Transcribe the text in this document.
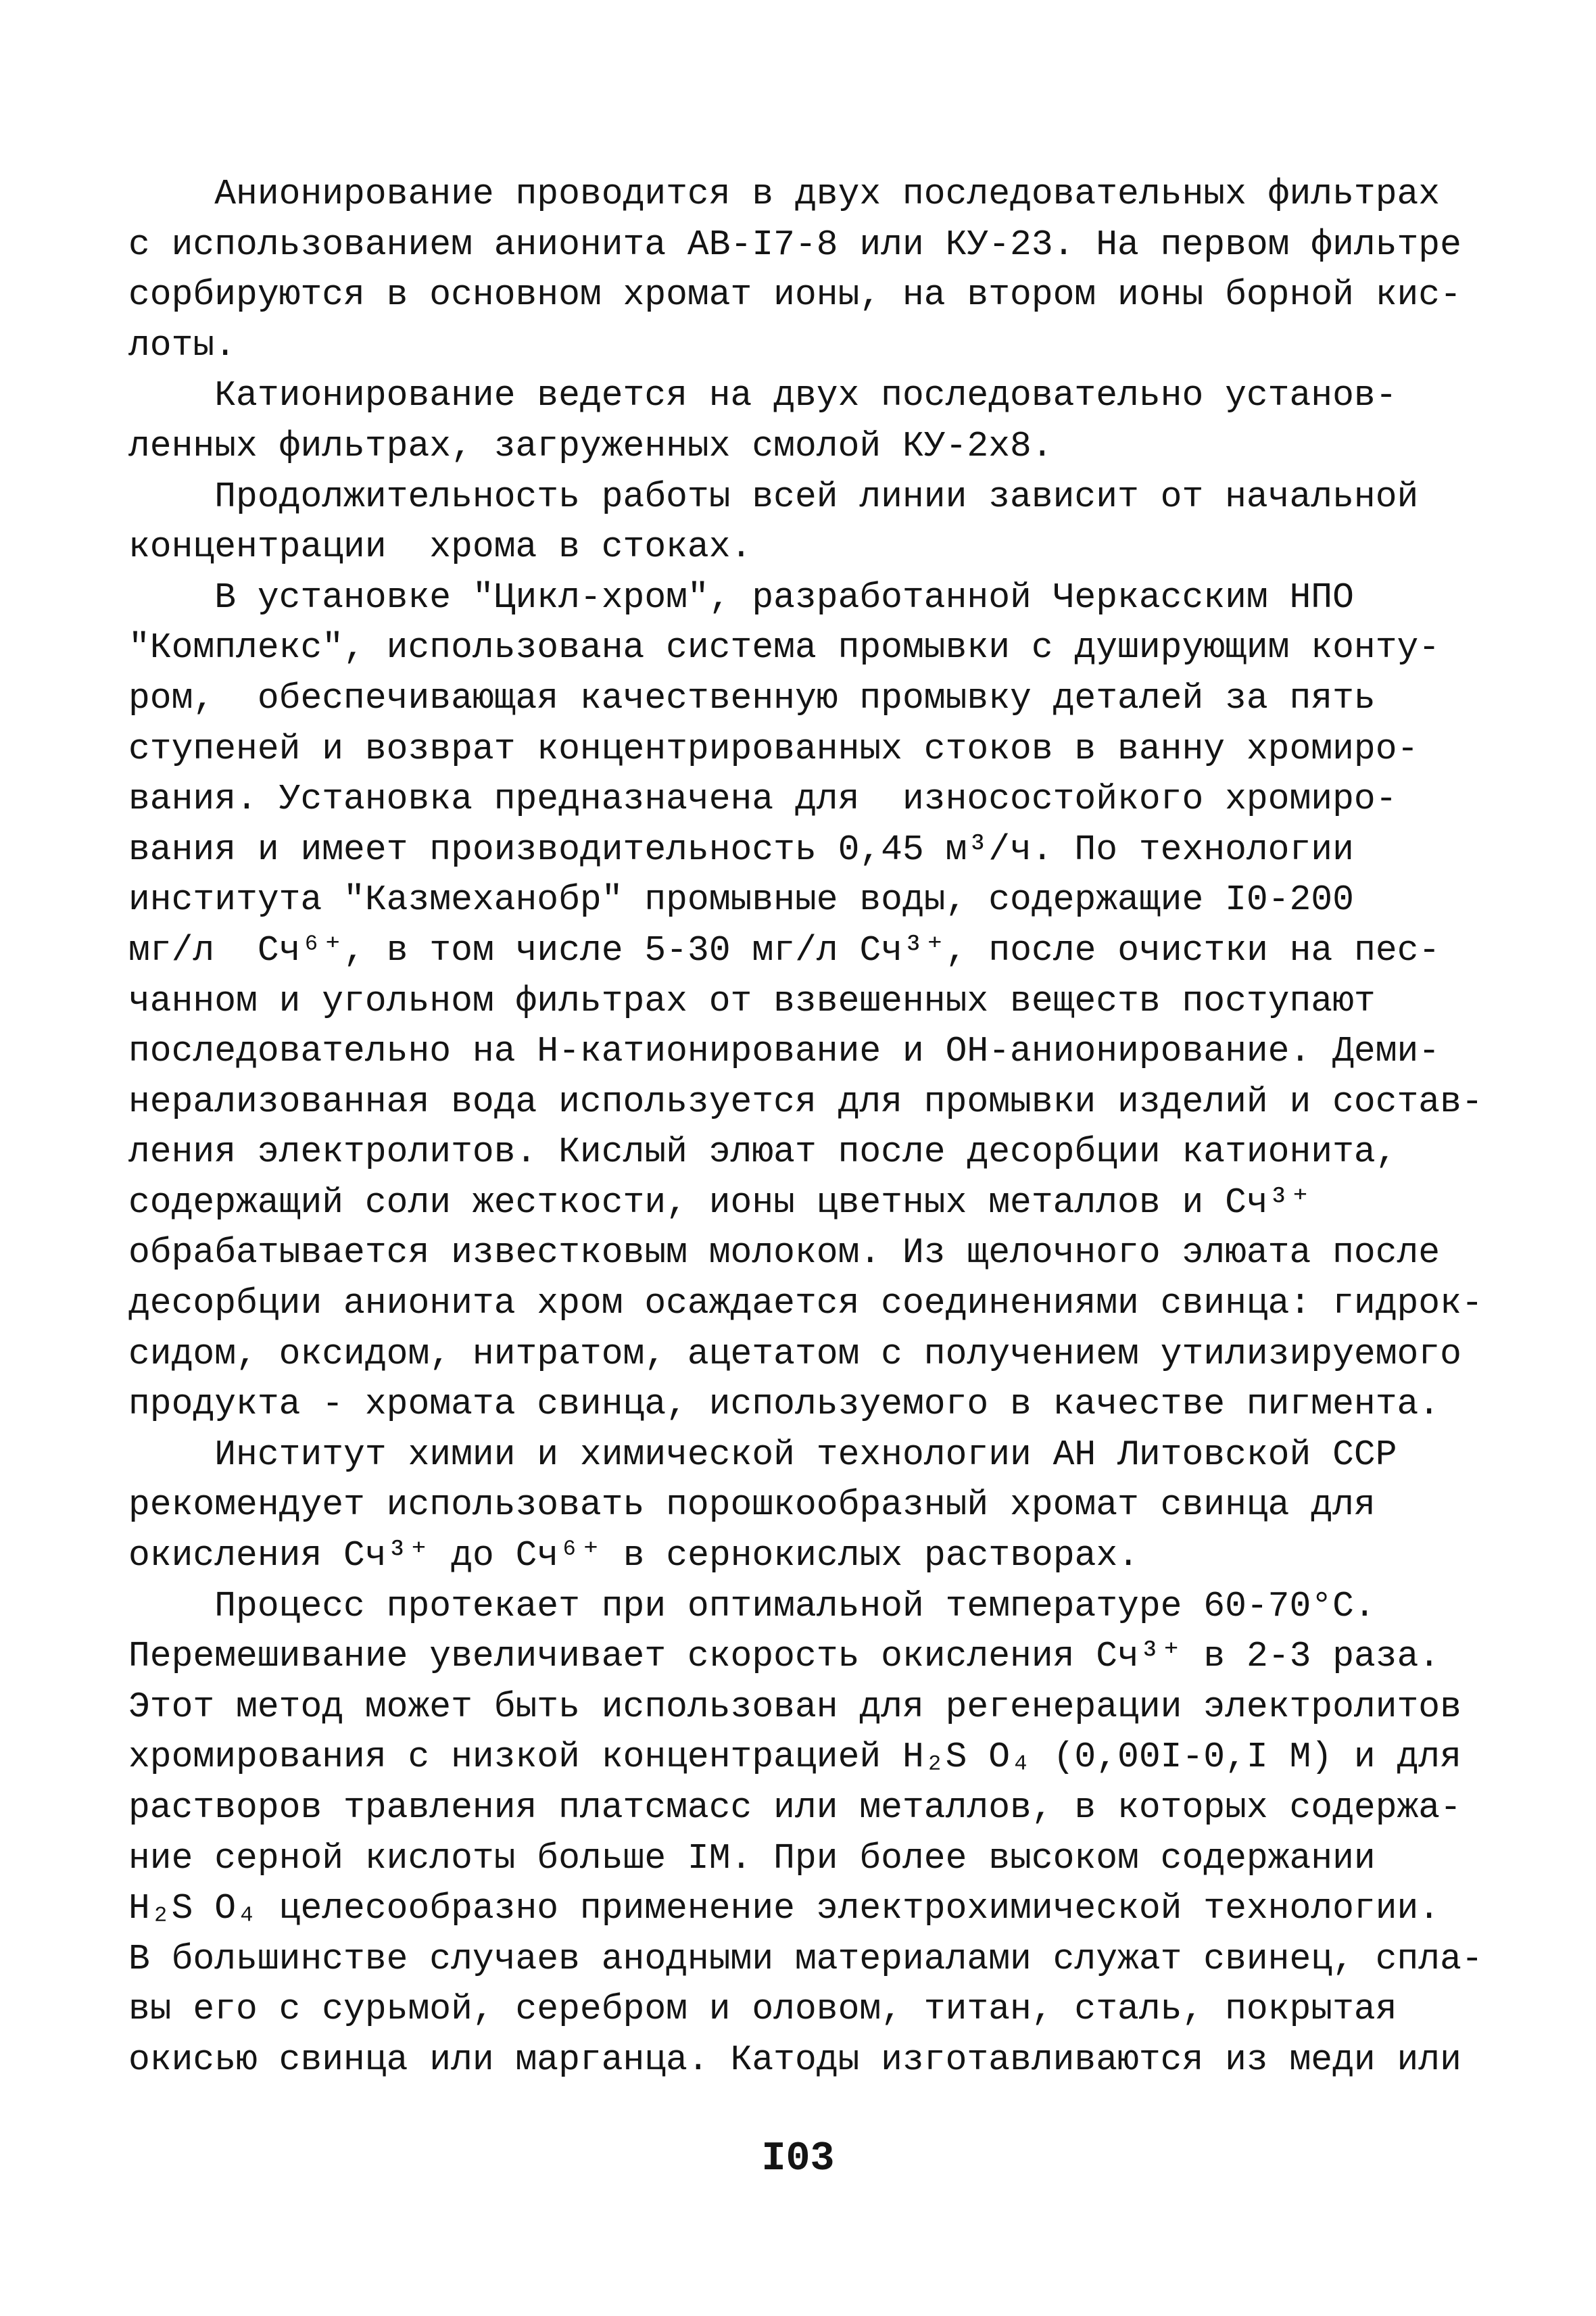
Анионирование проводится в двух последовательных фильтрах
с использованием анионита АВ-I7-8 или КУ-23. На первом фильтре
сорбируются в основном хромат ионы, на втором ионы борной кис-
лоты.
Катионирование ведется на двух последовательно установ-
ленных фильтрах, загруженных смолой КУ-2х8.
Продолжительность работы всей линии зависит от начальной
концентрации  хрома в стоках.
В установке "Цикл-хром", разработанной Черкасским НПО
"Комплекс", использована система промывки с душирующим конту-
ром,  обеспечивающая качественную промывку деталей за пять
ступеней и возврат концентрированных стоков в ванну хромиро-
вания. Установка предназначена для  износостойкого хромиро-
вания и имеет производительность 0,45 м³/ч. По технологии
института "Казмеханобр" промывные воды, содержащие I0-200
мг/л  Сч⁶⁺, в том числе 5-30 мг/л Сч³⁺, после очистки на пес-
чанном и угольном фильтрах от взвешенных веществ поступают
последовательно на Н-катионирование и ОН-анионирование. Деми-
нерализованная вода используется для промывки изделий и состав-
ления электролитов. Кислый элюат после десорбции катионита,
содержащий соли жесткости, ионы цветных металлов и Сч³⁺
обрабатывается известковым молоком. Из щелочного элюата после
десорбции анионита хром осаждается соединениями свинца: гидрок-
сидом, оксидом, нитратом, ацетатом с получением утилизируемого
продукта - хромата свинца, используемого в качестве пигмента.
Институт химии и химической технологии АН Литовской ССР
рекомендует использовать порошкообразный хромат свинца для
окисления Сч³⁺ до Сч⁶⁺ в сернокислых растворах.
Процесс протекает при оптимальной температуре 60-70°С.
Перемешивание увеличивает скорость окисления Сч³⁺ в 2-3 раза.
Этот метод может быть использован для регенерации электролитов
хромирования с низкой концентрацией Н₂S О₄ (0,00I-0,I М) и для
растворов травления платсмасс или металлов, в которых содержа-
ние серной кислоты больше IМ. При более высоком содержании
Н₂S О₄ целесообразно применение электрохимической технологии.
В большинстве случаев анодными материалами служат свинец, спла-
вы его с сурьмой, серебром и оловом, титан, сталь, покрытая
окисью свинца или марганца. Катоды изготавливаются из меди или
I03
